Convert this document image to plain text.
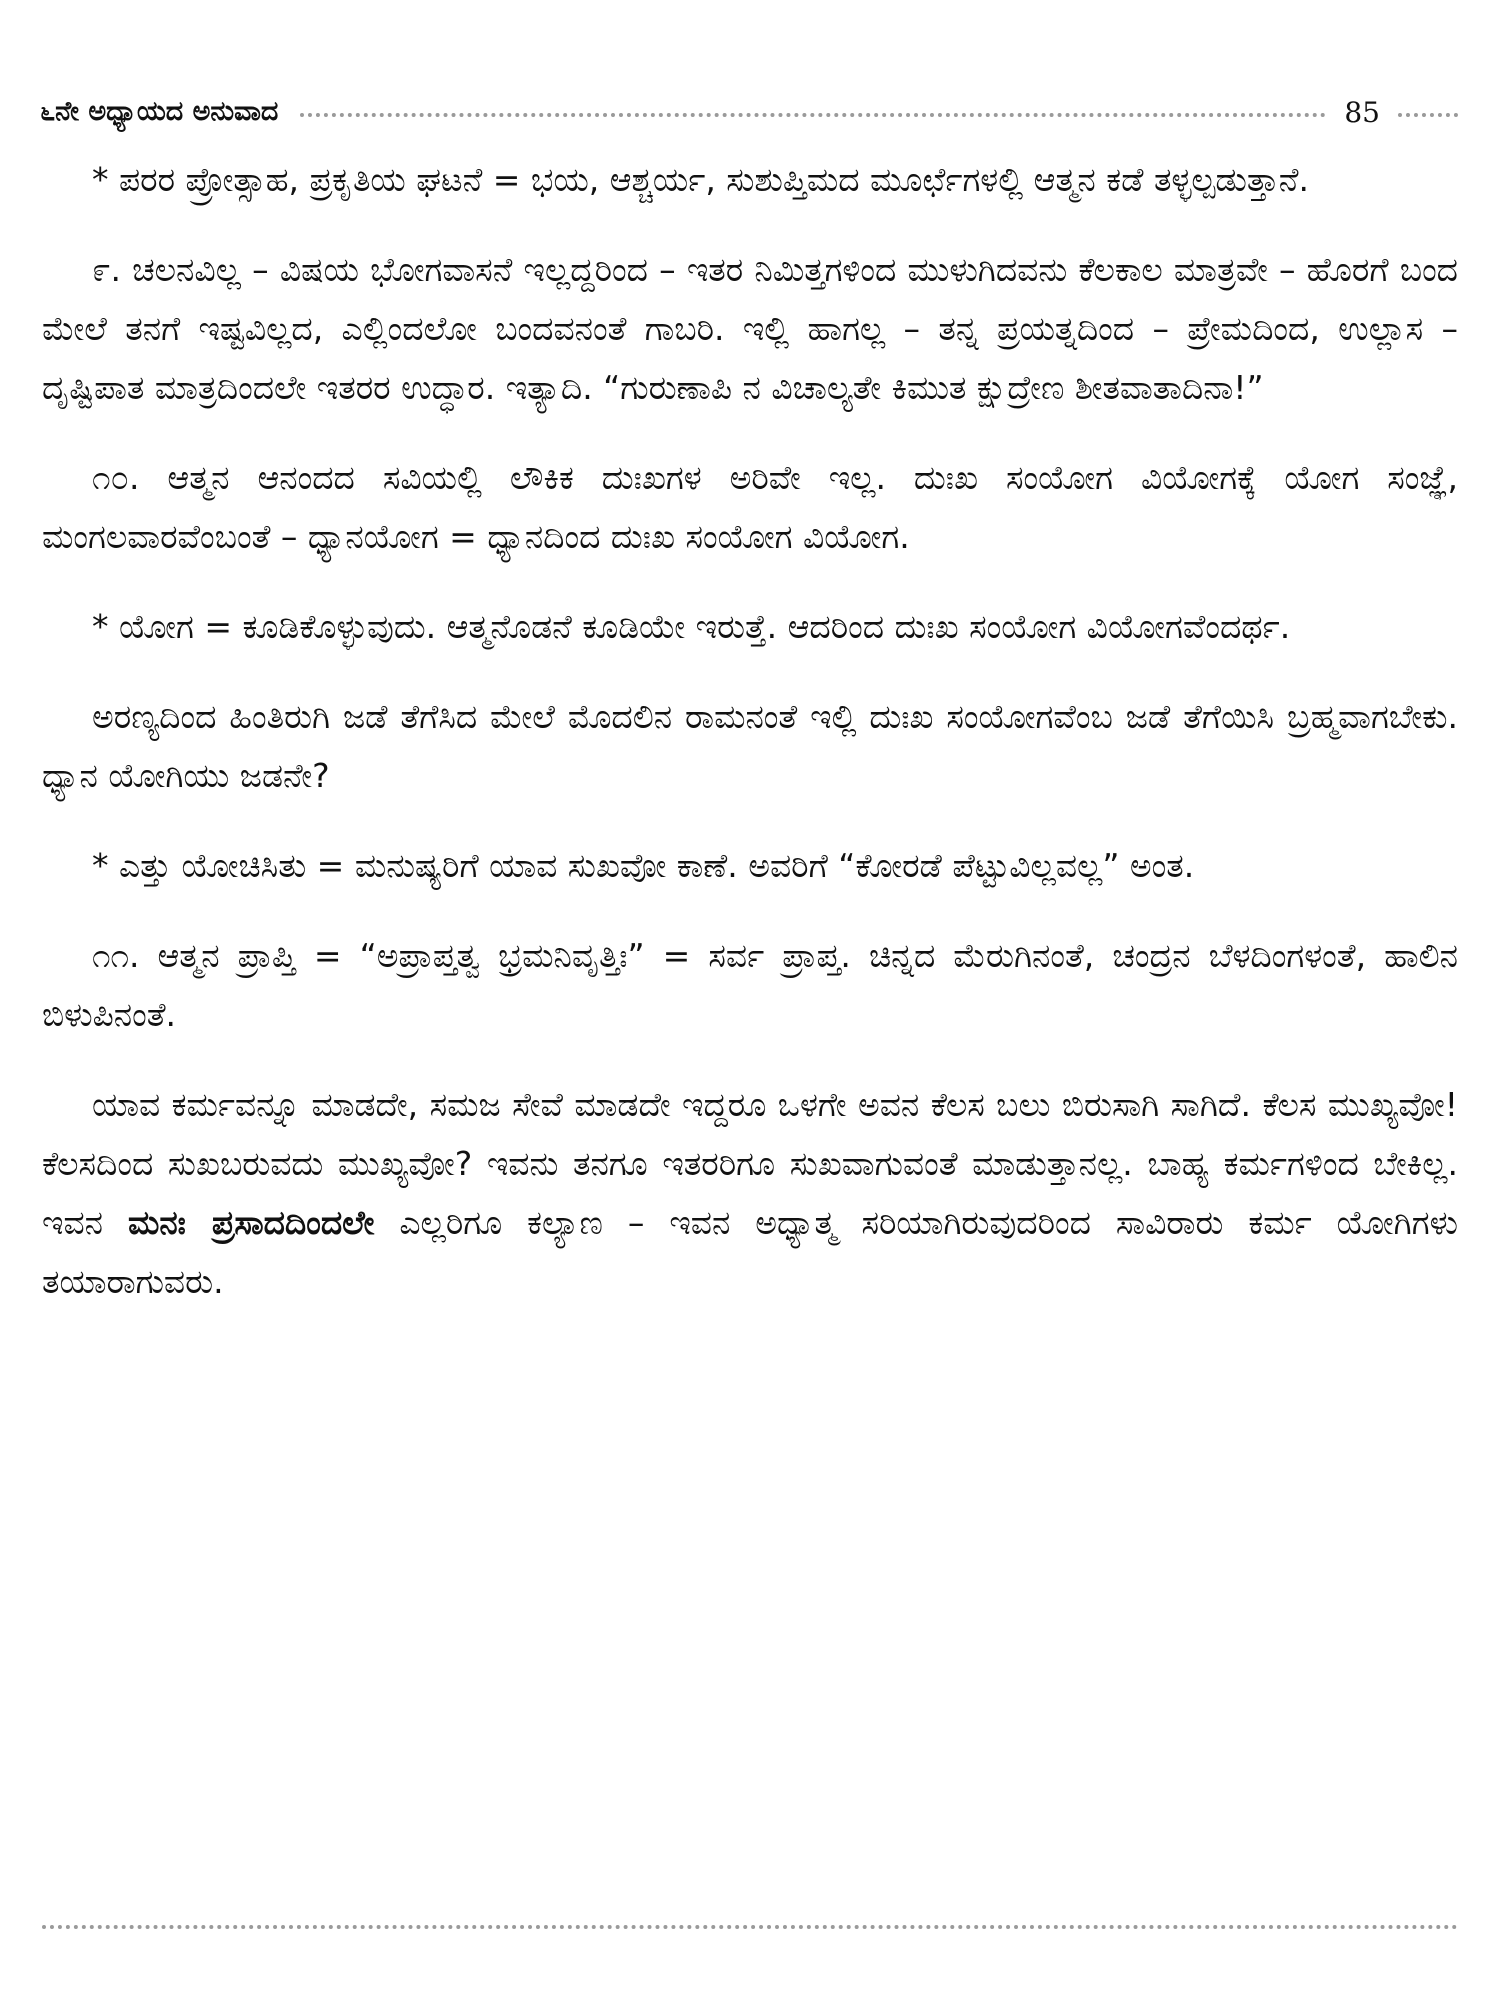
೬ನೇ ಅಧ್ಯಾಯದ ಅನುವಾದ	85

* ಪರರ ಪ್ರೋತ್ಸಾಹ, ಪ್ರಕೃತಿಯ ಘಟನೆ = ಭಯ, ಆಶ್ಚರ್ಯ, ಸುಶುಪ್ತಿಮದ ಮೂರ್ಛೆಗಳಲ್ಲಿ ಆತ್ಮನ ಕಡೆ ತಳ್ಳಲ್ಪಡುತ್ತಾನೆ.

೯. ಚಲನವಿಲ್ಲ – ವಿಷಯ ಭೋಗವಾಸನೆ ಇಲ್ಲದ್ದರಿಂದ – ಇತರ ನಿಮಿತ್ತಗಳಿಂದ ಮುಳುಗಿದವನು ಕೆಲಕಾಲ ಮಾತ್ರವೇ – ಹೊರಗೆ ಬಂದ ಮೇಲೆ ತನಗೆ ಇಷ್ಟವಿಲ್ಲದ, ಎಲ್ಲಿಂದಲೋ ಬಂದವನಂತೆ ಗಾಬರಿ. ಇಲ್ಲಿ ಹಾಗಲ್ಲ – ತನ್ನ ಪ್ರಯತ್ನದಿಂದ – ಪ್ರೇಮದಿಂದ, ಉಲ್ಲಾಸ – ದೃಷ್ಟಿಪಾತ ಮಾತ್ರದಿಂದಲೇ ಇತರರ ಉದ್ಧಾರ. ಇತ್ಯಾದಿ. “ಗುರುಣಾಪಿ ನ ವಿಚಾಲ್ಯತೇ ಕಿಮುತ ಕ್ಷುದ್ರೇಣ ಶೀತವಾತಾದಿನಾ!”

೧೦. ಆತ್ಮನ ಆನಂದದ ಸವಿಯಲ್ಲಿ ಲೌಕಿಕ ದುಃಖಗಳ ಅರಿವೇ ಇಲ್ಲ. ದುಃಖ ಸಂಯೋಗ ವಿಯೋಗಕ್ಕೆ ಯೋಗ ಸಂಜ್ಞೆ, ಮಂಗಲವಾರವೆಂಬಂತೆ – ಧ್ಯಾನಯೋಗ = ಧ್ಯಾನದಿಂದ ದುಃಖ ಸಂಯೋಗ ವಿಯೋಗ.

* ಯೋಗ = ಕೂಡಿಕೊಳ್ಳುವುದು. ಆತ್ಮನೊಡನೆ ಕೂಡಿಯೇ ಇರುತ್ತೆ. ಆದರಿಂದ ದುಃಖ ಸಂಯೋಗ ವಿಯೋಗವೆಂದರ್ಥ.

ಅರಣ್ಯದಿಂದ ಹಿಂತಿರುಗಿ ಜಡೆ ತೆಗೆಸಿದ ಮೇಲೆ ಮೊದಲಿನ ರಾಮನಂತೆ ಇಲ್ಲಿ ದುಃಖ ಸಂಯೋಗವೆಂಬ ಜಡೆ ತೆಗೆಯಿಸಿ ಬ್ರಹ್ಮವಾಗಬೇಕು. ಧ್ಯಾನ ಯೋಗಿಯು ಜಡನೇ?

* ಎತ್ತು ಯೋಚಿಸಿತು = ಮನುಷ್ಯರಿಗೆ ಯಾವ ಸುಖವೋ ಕಾಣೆ. ಅವರಿಗೆ “ಕೋರಡೆ ಪೆಟ್ಟುವಿಲ್ಲವಲ್ಲ” ಅಂತ.

೧೧. ಆತ್ಮನ ಪ್ರಾಪ್ತಿ = “ಅಪ್ರಾಪ್ತತ್ವ ಭ್ರಮನಿವೃತ್ತಿಃ” = ಸರ್ವ ಪ್ರಾಪ್ತ. ಚಿನ್ನದ ಮೆರುಗಿನಂತೆ, ಚಂದ್ರನ ಬೆಳದಿಂಗಳಂತೆ, ಹಾಲಿನ ಬಿಳುಪಿನಂತೆ.

ಯಾವ ಕರ್ಮವನ್ನೂ ಮಾಡದೇ, ಸಮಜ ಸೇವೆ ಮಾಡದೇ ಇದ್ದರೂ ಒಳಗೇ ಅವನ ಕೆಲಸ ಬಲು ಬಿರುಸಾಗಿ ಸಾಗಿದೆ. ಕೆಲಸ ಮುಖ್ಯವೋ! ಕೆಲಸದಿಂದ ಸುಖಬರುವದು ಮುಖ್ಯವೋ? ಇವನು ತನಗೂ ಇತರರಿಗೂ ಸುಖವಾಗುವಂತೆ ಮಾಡುತ್ತಾನಲ್ಲ. ಬಾಹ್ಯ ಕರ್ಮಗಳಿಂದ ಬೇಕಿಲ್ಲ. ಇವನ ಮನಃ ಪ್ರಸಾದದಿಂದಲೇ ಎಲ್ಲರಿಗೂ ಕಲ್ಯಾಣ – ಇವನ ಅಧ್ಯಾತ್ಮ ಸರಿಯಾಗಿರುವುದರಿಂದ ಸಾವಿರಾರು ಕರ್ಮ ಯೋಗಿಗಳು ತಯಾರಾಗುವರು.
